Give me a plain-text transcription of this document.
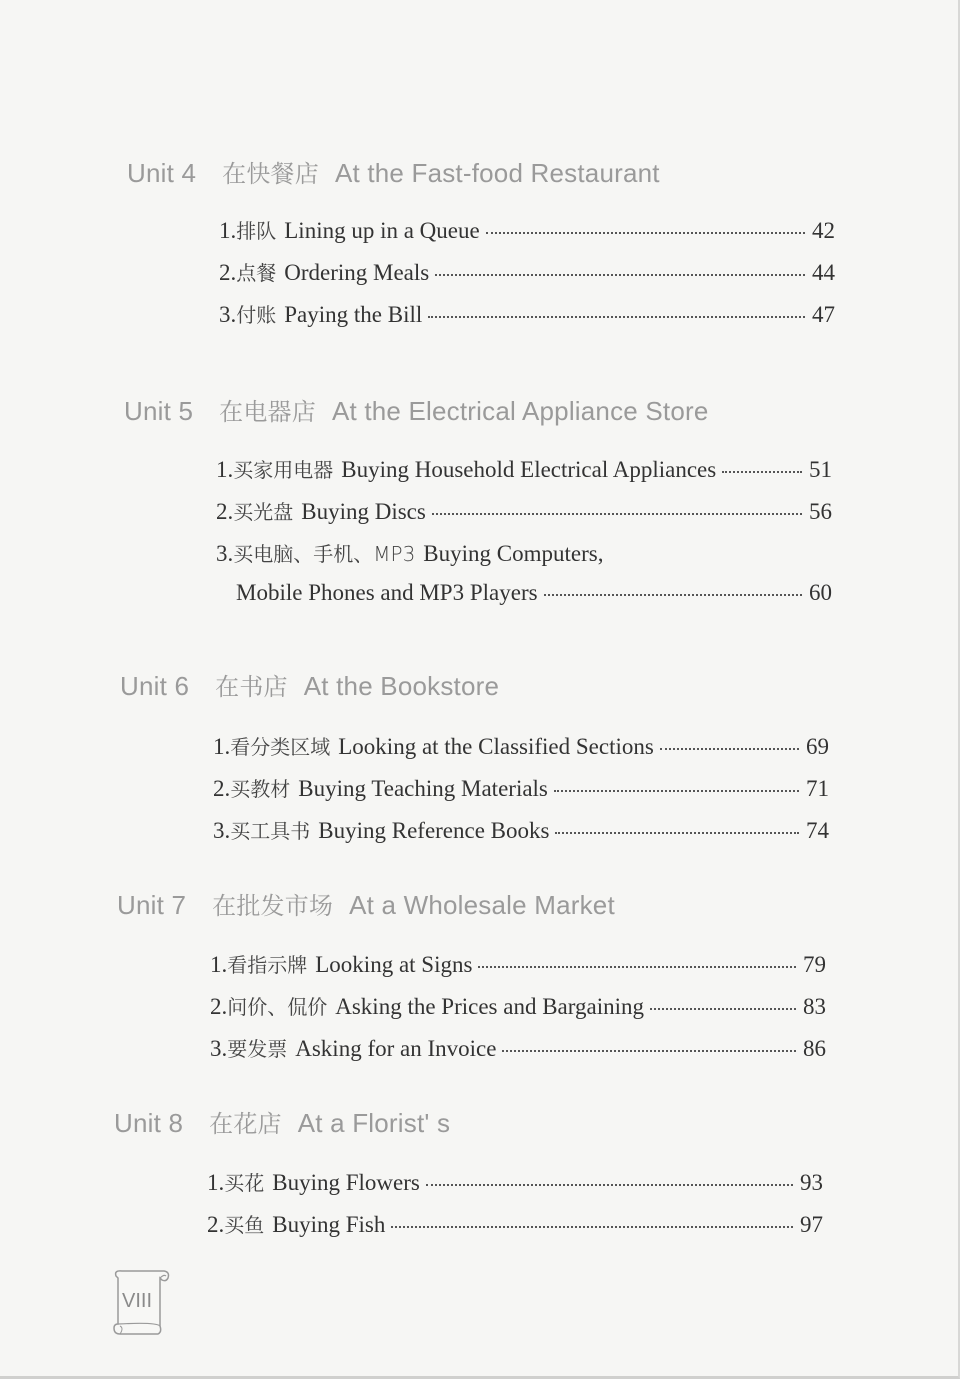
Unit 4 在快餐店 At the Fast-food Restaurant
1. 排队 Lining up in a Queue	42
2. 点餐 Ordering Meals	44
3. 付账 Paying the Bill	47
Unit 5 在电器店 At the Electrical Appliance Store
1. 买家用电器 Buying Household Electrical Appliances	51
2. 买光盘 Buying Discs	56
3. 买电脑、手机、MP3 Buying Computers,
Mobile Phones and MP3 Players	60
Unit 6 在书店 At the Bookstore
1. 看分类区域 Looking at the Classified Sections	69
2. 买教材 Buying Teaching Materials	71
3. 买工具书 Buying Reference Books	74
Unit 7 在批发市场 At a Wholesale Market
1. 看指示牌 Looking at Signs	79
2. 问价、侃价 Asking the Prices and Bargaining	83
3. 要发票 Asking for an Invoice	86
Unit 8 在花店 At a Florist' s
1. 买花 Buying Flowers	93
2. 买鱼 Buying Fish	97
VIII
